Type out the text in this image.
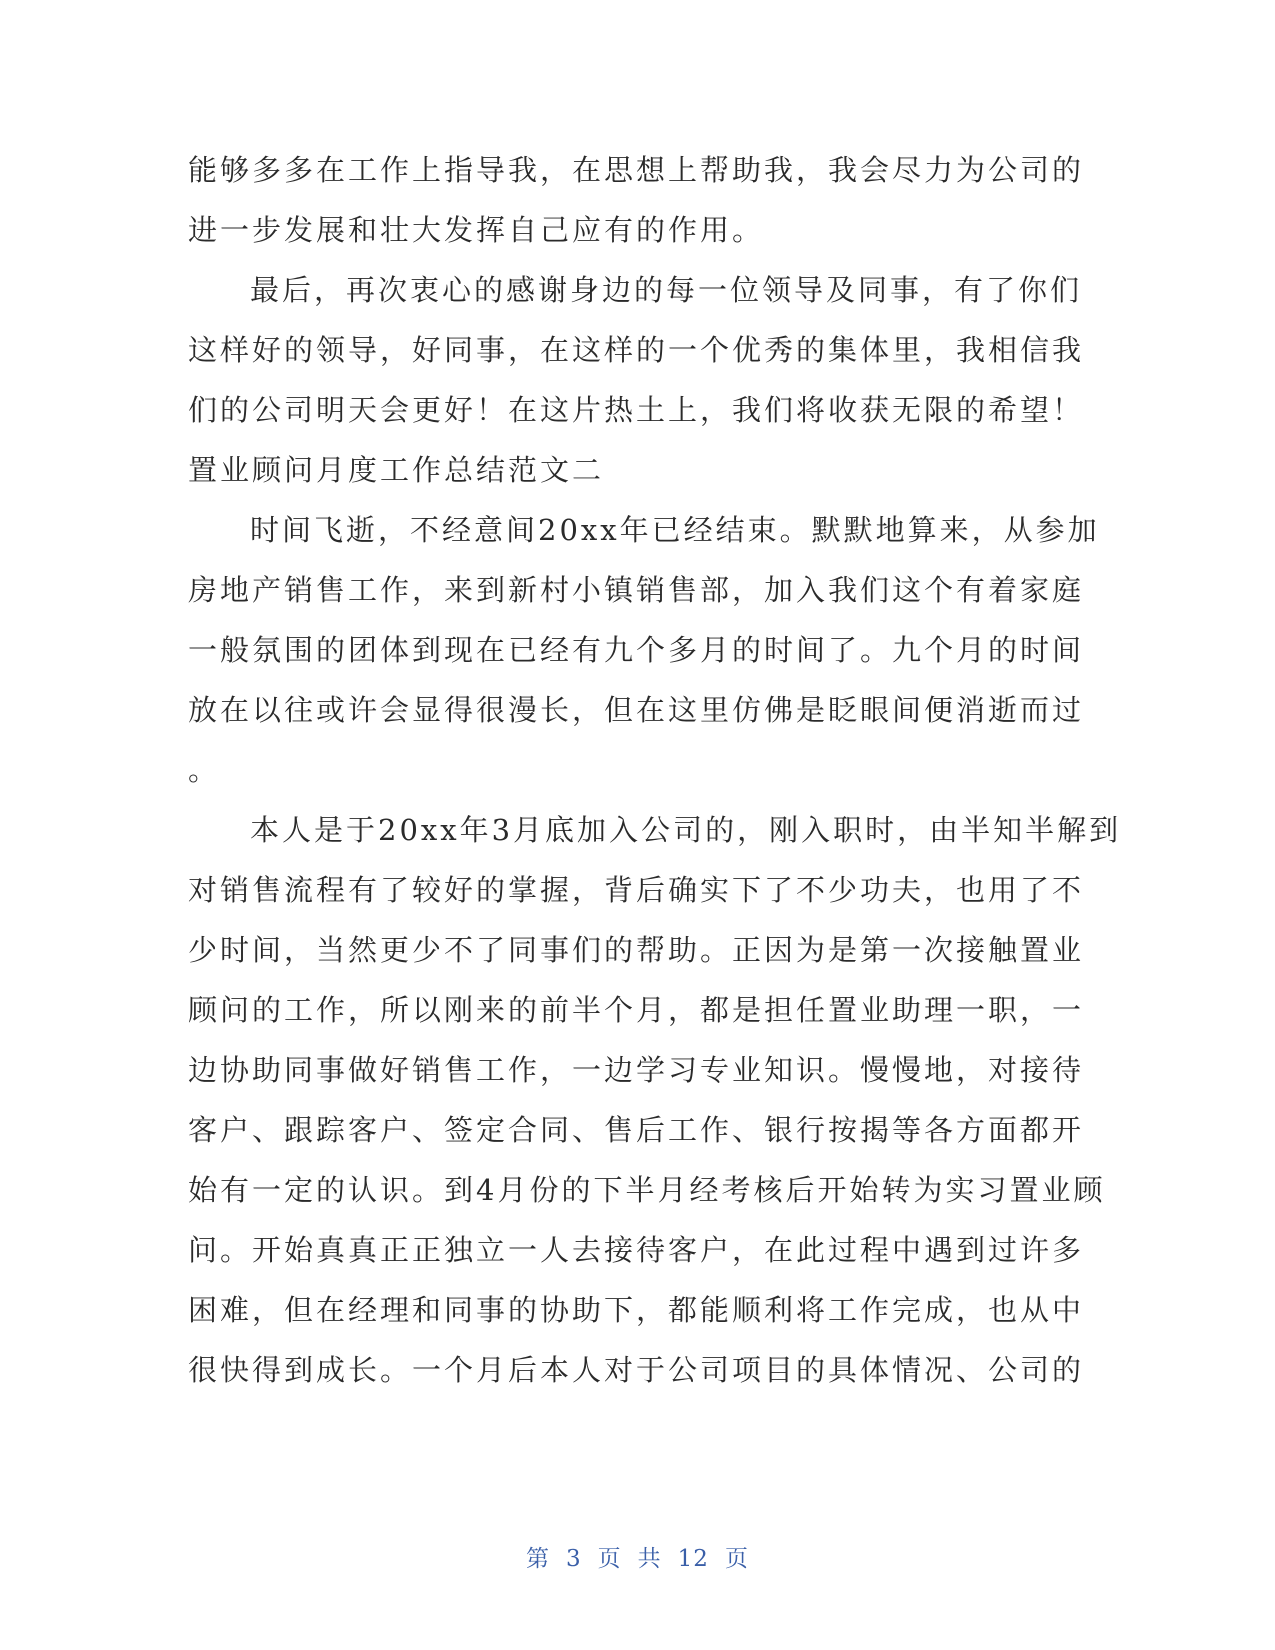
能够多多在工作上指导我，在思想上帮助我，我会尽力为公司的
进一步发展和壮大发挥自己应有的作用。
最后，再次衷心的感谢身边的每一位领导及同事，有了你们
这样好的领导，好同事，在这样的一个优秀的集体里，我相信我
们的公司明天会更好！在这片热土上，我们将收获无限的希望！
置业顾问月度工作总结范文二
时间飞逝，不经意间20xx年已经结束。默默地算来，从参加
房地产销售工作，来到新村小镇销售部，加入我们这个有着家庭
一般氛围的团体到现在已经有九个多月的时间了。九个月的时间
放在以往或许会显得很漫长，但在这里仿佛是眨眼间便消逝而过
。
本人是于20xx年3月底加入公司的，刚入职时，由半知半解到
对销售流程有了较好的掌握，背后确实下了不少功夫，也用了不
少时间，当然更少不了同事们的帮助。正因为是第一次接触置业
顾问的工作，所以刚来的前半个月，都是担任置业助理一职，一
边协助同事做好销售工作，一边学习专业知识。慢慢地，对接待
客户、跟踪客户、签定合同、售后工作、银行按揭等各方面都开
始有一定的认识。到4月份的下半月经考核后开始转为实习置业顾
问。开始真真正正独立一人去接待客户，在此过程中遇到过许多
困难，但在经理和同事的协助下，都能顺利将工作完成，也从中
很快得到成长。一个月后本人对于公司项目的具体情况、公司的
第 3 页 共 12 页
